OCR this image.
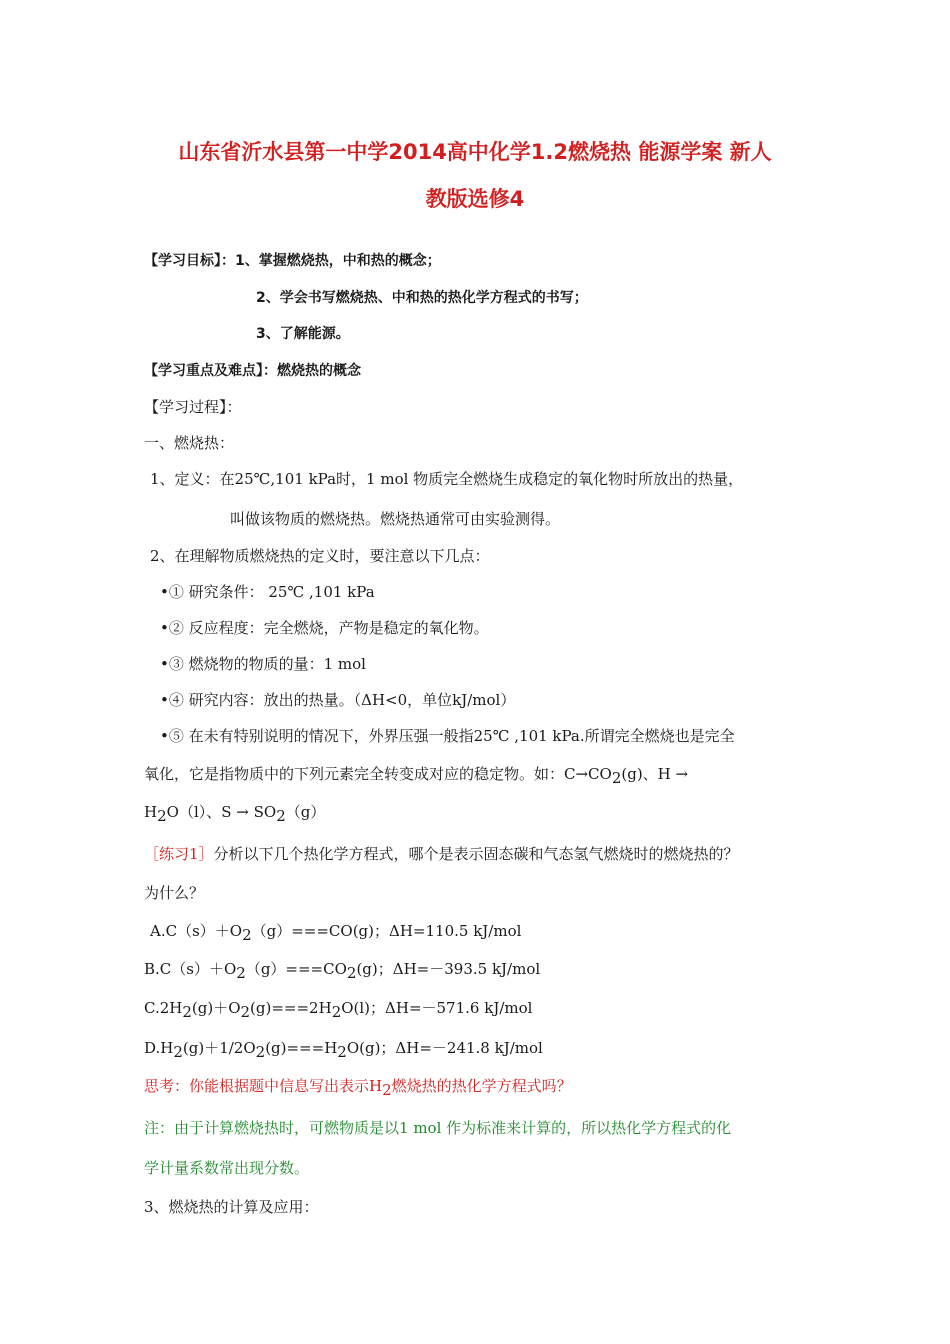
山东省沂水县第一中学2014高中化学1.2燃烧热 能源学案 新人
教版选修4
【学习目标】：1、掌握燃烧热，中和热的概念；
2、学会书写燃烧热、中和热的热化学方程式的书写；
3、了解能源。
【学习重点及难点】：燃烧热的概念
【学习过程】：
一、燃烧热：
1、定义：在25℃,101 kPa时，1 mol 物质完全燃烧生成稳定的氧化物时所放出的热量，
叫做该物质的燃烧热。燃烧热通常可由实验测得。
2、在理解物质燃烧热的定义时，要注意以下几点：
•① 研究条件： 25℃ ,101 kPa
•② 反应程度：完全燃烧，产物是稳定的氧化物。
•③ 燃烧物的物质的量：1 mol
•④ 研究内容：放出的热量。（ΔH<0，单位kJ/mol）
•⑤ 在未有特别说明的情况下，外界压强一般指25℃ ,101 kPa.所谓完全燃烧也是完全
氧化，它是指物质中的下列元素完全转变成对应的稳定物。如：$C\to CO_2(g)$、H →
$H_2O(l)$、$S \to SO_2(g)$
［练习1］分析以下几个热化学方程式，哪个是表示固态碳和气态氢气燃烧时的燃烧热的？
为什么？
$A.C(s)+O_2(g)===CO(g)$；ΔH=110.5 kJ/mol
$B.C(s)+O_2(g)===CO_2(g)$；ΔH=－393.5 kJ/mol
$C.2H_2(g)+O_2(g)===2H_2O(l)$；ΔH=－571.6 kJ/mol
$D.H_2(g)+1/2O_2(g)===H_2O(g)$；ΔH=－241.8 kJ/mol
思考：你能根据题中信息写出表示$H_2$燃烧热的热化学方程式吗？
注：由于计算燃烧热时，可燃物质是以1 mol 作为标准来计算的，所以热化学方程式的化
学计量系数常出现分数。
3、燃烧热的计算及应用：
